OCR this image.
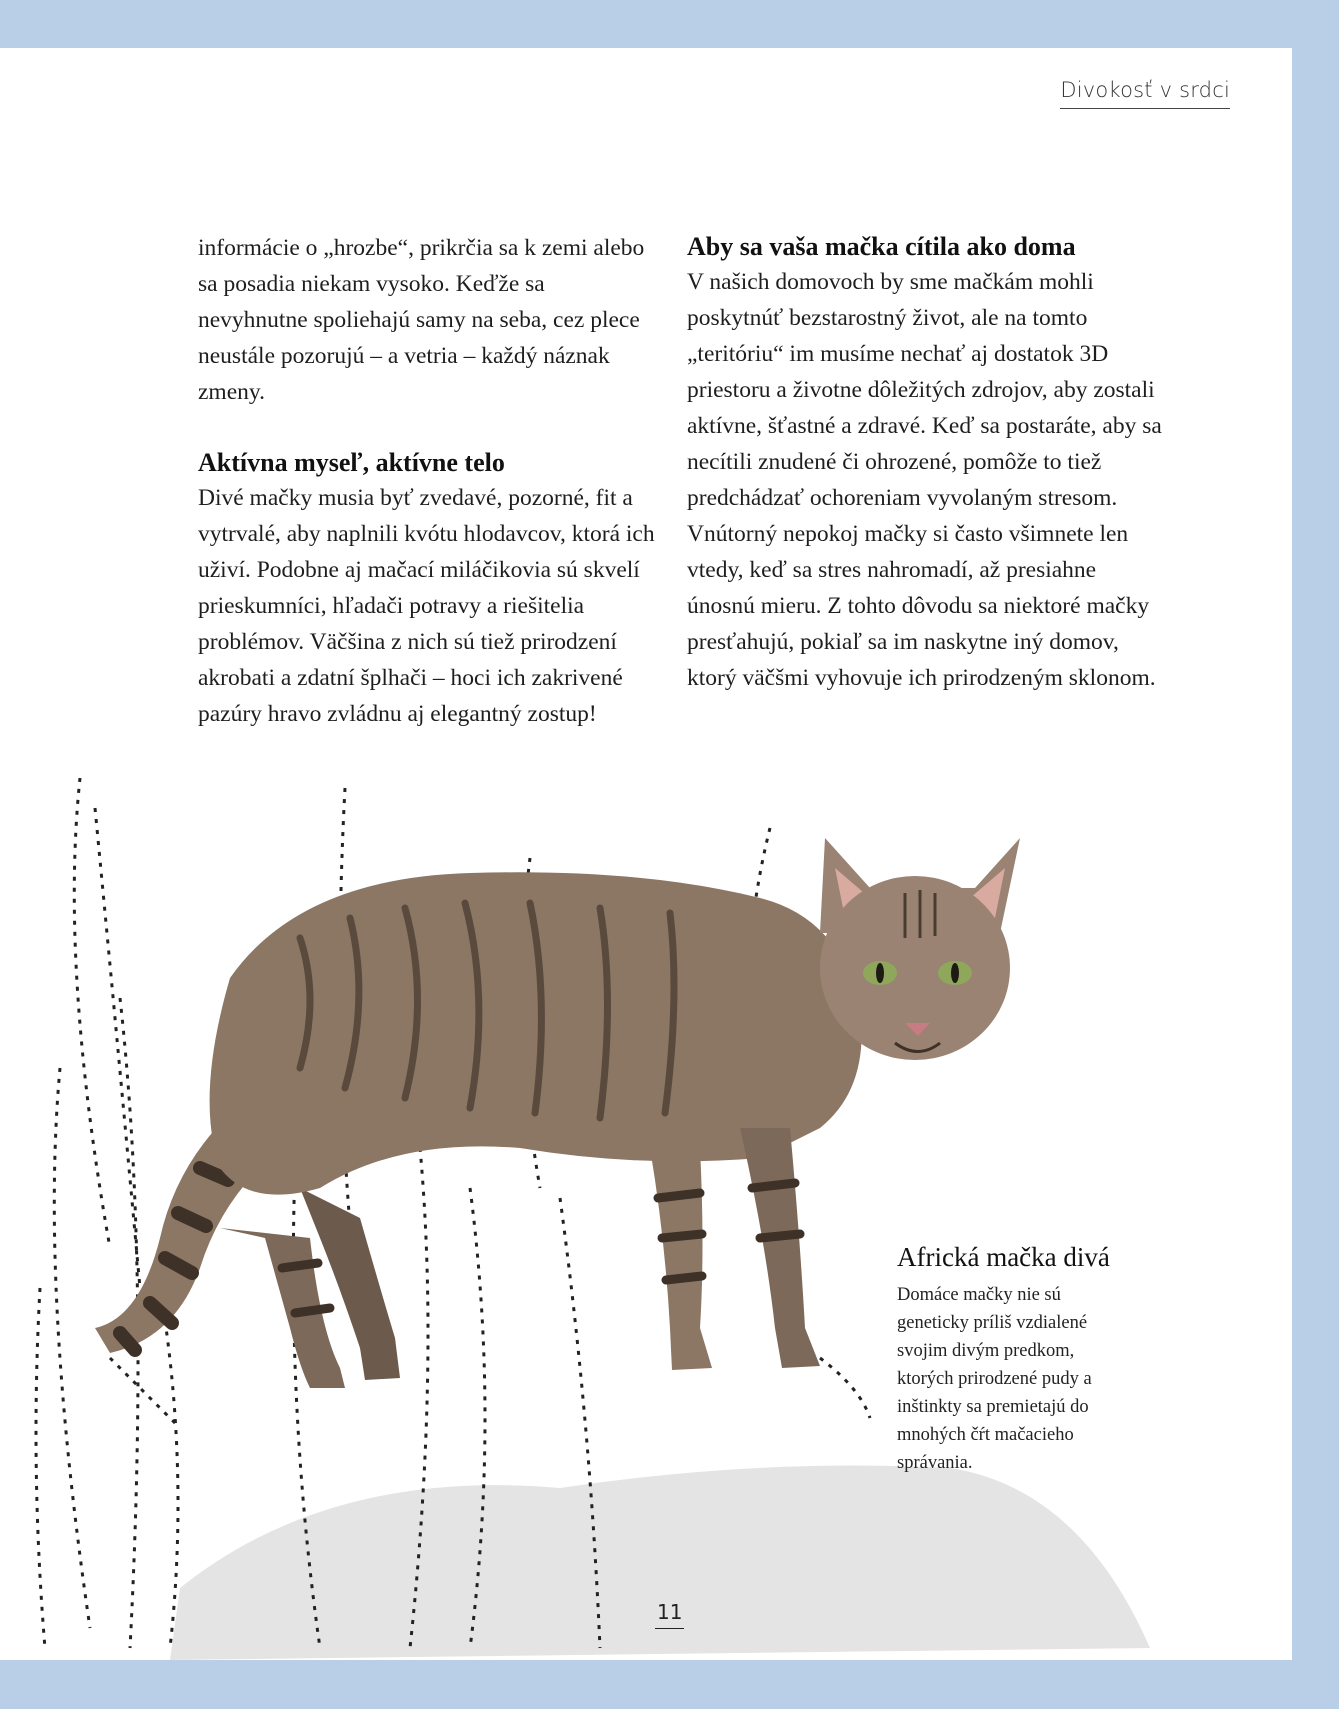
Divokosť v srdci

informácie o „hrozbe“, prikrčia sa k zemi alebo sa posadia niekam vysoko. Keďže sa nevyhnutne spoliehajú samy na seba, cez plece neustále pozorujú – a vetria – každý náznak zmeny.

Aktívna myseľ, aktívne telo

Divé mačky musia byť zvedavé, pozorné, fit a vytrvalé, aby naplnili kvótu hlodavcov, ktorá ich uživí. Podobne aj mačací miláčikovia sú skvelí prieskumníci, hľadači potravy a riešitelia problémov. Väčšina z nich sú tiež prirodzení akrobati a zdatní šplhači – hoci ich zakrivené pazúry hravo zvládnu aj elegantný zostup!

Aby sa vaša mačka cítila ako doma

V našich domovoch by sme mačkám mohli poskytnúť bezstarostný život, ale na tomto „teritóriu“ im musíme nechať aj dostatok 3D priestoru a životne dôležitých zdrojov, aby zostali aktívne, šťastné a zdravé. Keď sa postaráte, aby sa necítili znudené či ohrozené, pomôže to tiež predchádzať ochoreniam vyvolaným stresom. Vnútorný nepokoj mačky si často všimnete len vtedy, keď sa stres nahromadí, až presiahne únosnú mieru. Z tohto dôvodu sa niektoré mačky presťahujú, pokiaľ sa im naskytne iný domov, ktorý väčšmi vyhovuje ich prirodzeným sklonom.

Africká mačka divá

Domáce mačky nie sú geneticky príliš vzdialené svojim divým predkom, ktorých prirodzené pudy a inštinkty sa premietajú do mnohých čŕt mačacieho správania.

11
